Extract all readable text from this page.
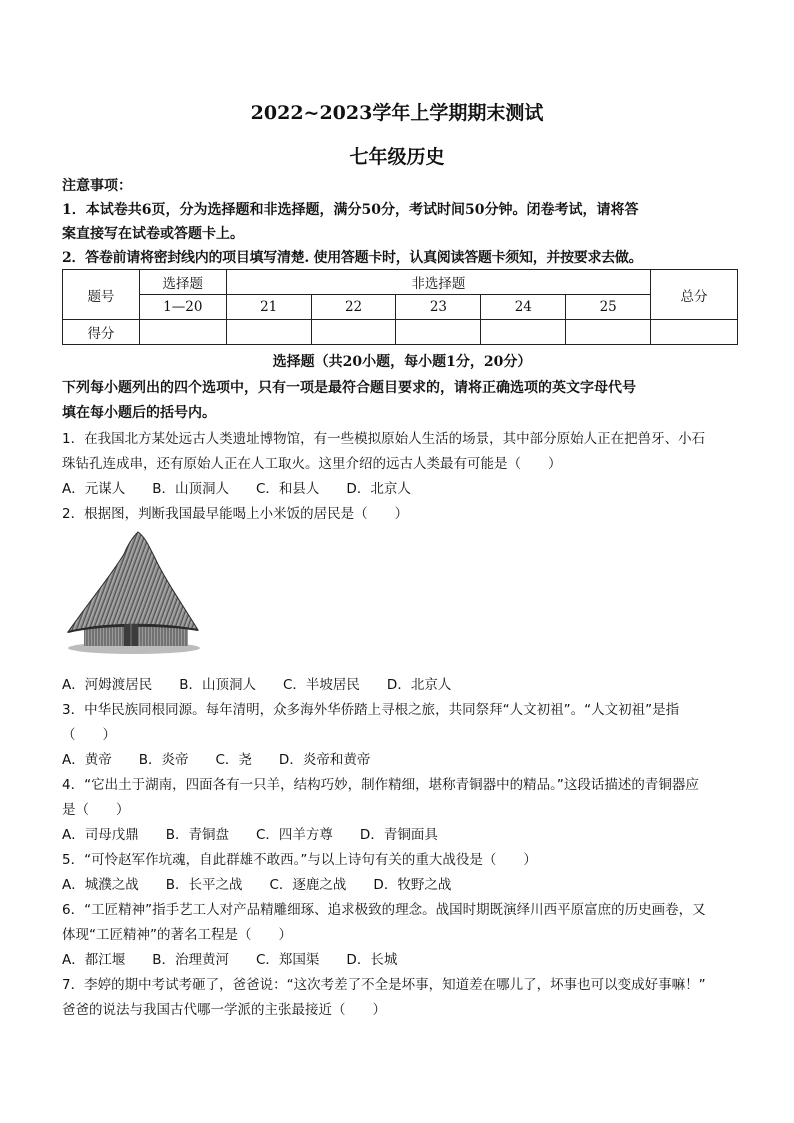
2022~2023学年上学期期末测试
七年级历史
注意事项：
1．本试卷共6页，分为选择题和非选择题，满分50分，考试时间50分钟。闭卷考试，请将答
案直接写在试卷或答题卡上。
2．答卷前请将密封线内的项目填写清楚. 使用答题卡时，认真阅读答题卡须知，并按要求去做。
题号	选择题	非选择题					总分
	1—20	21	22	23	24	25	
得分							
选择题（共20小题，每小题1分，20分）
下列每小题列出的四个选项中，只有一项是最符合题目要求的，请将正确选项的英文字母代号
填在每小题后的括号内。
1．在我国北方某处远古人类遗址博物馆，有一些模拟原始人生活的场景，其中部分原始人正在把兽牙、小石
珠钻孔连成串，还有原始人正在人工取火。这里介绍的远古人类最有可能是（　　）
A．元谋人　　B．山顶洞人　　C．和县人　　D．北京人
2．根据图，判断我国最早能喝上小米饭的居民是（　　）
A．河姆渡居民　　B．山顶洞人　　C．半坡居民　　D．北京人
3．中华民族同根同源。每年清明，众多海外华侨踏上寻根之旅，共同祭拜“人文初祖”。“人文初祖”是指
（　　）
A．黄帝　　B．炎帝　　C．尧　　D．炎帝和黄帝
4．“它出土于湖南，四面各有一只羊，结构巧妙，制作精细，堪称青铜器中的精品。”这段话描述的青铜器应
是（　　）
A．司母戊鼎　　B．青铜盘　　C．四羊方尊　　D．青铜面具
5．“可怜赵军作坑魂，自此群雄不敢西。”与以上诗句有关的重大战役是（　　）
A．城濮之战　　B．长平之战　　C．逐鹿之战　　D．牧野之战
6．“工匠精神”指手艺工人对产品精雕细琢、追求极致的理念。战国时期既演绎川西平原富庶的历史画卷，又
体现“工匠精神”的著名工程是（　　）
A．都江堰　　B．治理黄河　　C．郑国渠　　D．长城
7．李婷的期中考试考砸了，爸爸说：“这次考差了不全是坏事，知道差在哪儿了，坏事也可以变成好事嘛！”
爸爸的说法与我国古代哪一学派的主张最接近（　　）
